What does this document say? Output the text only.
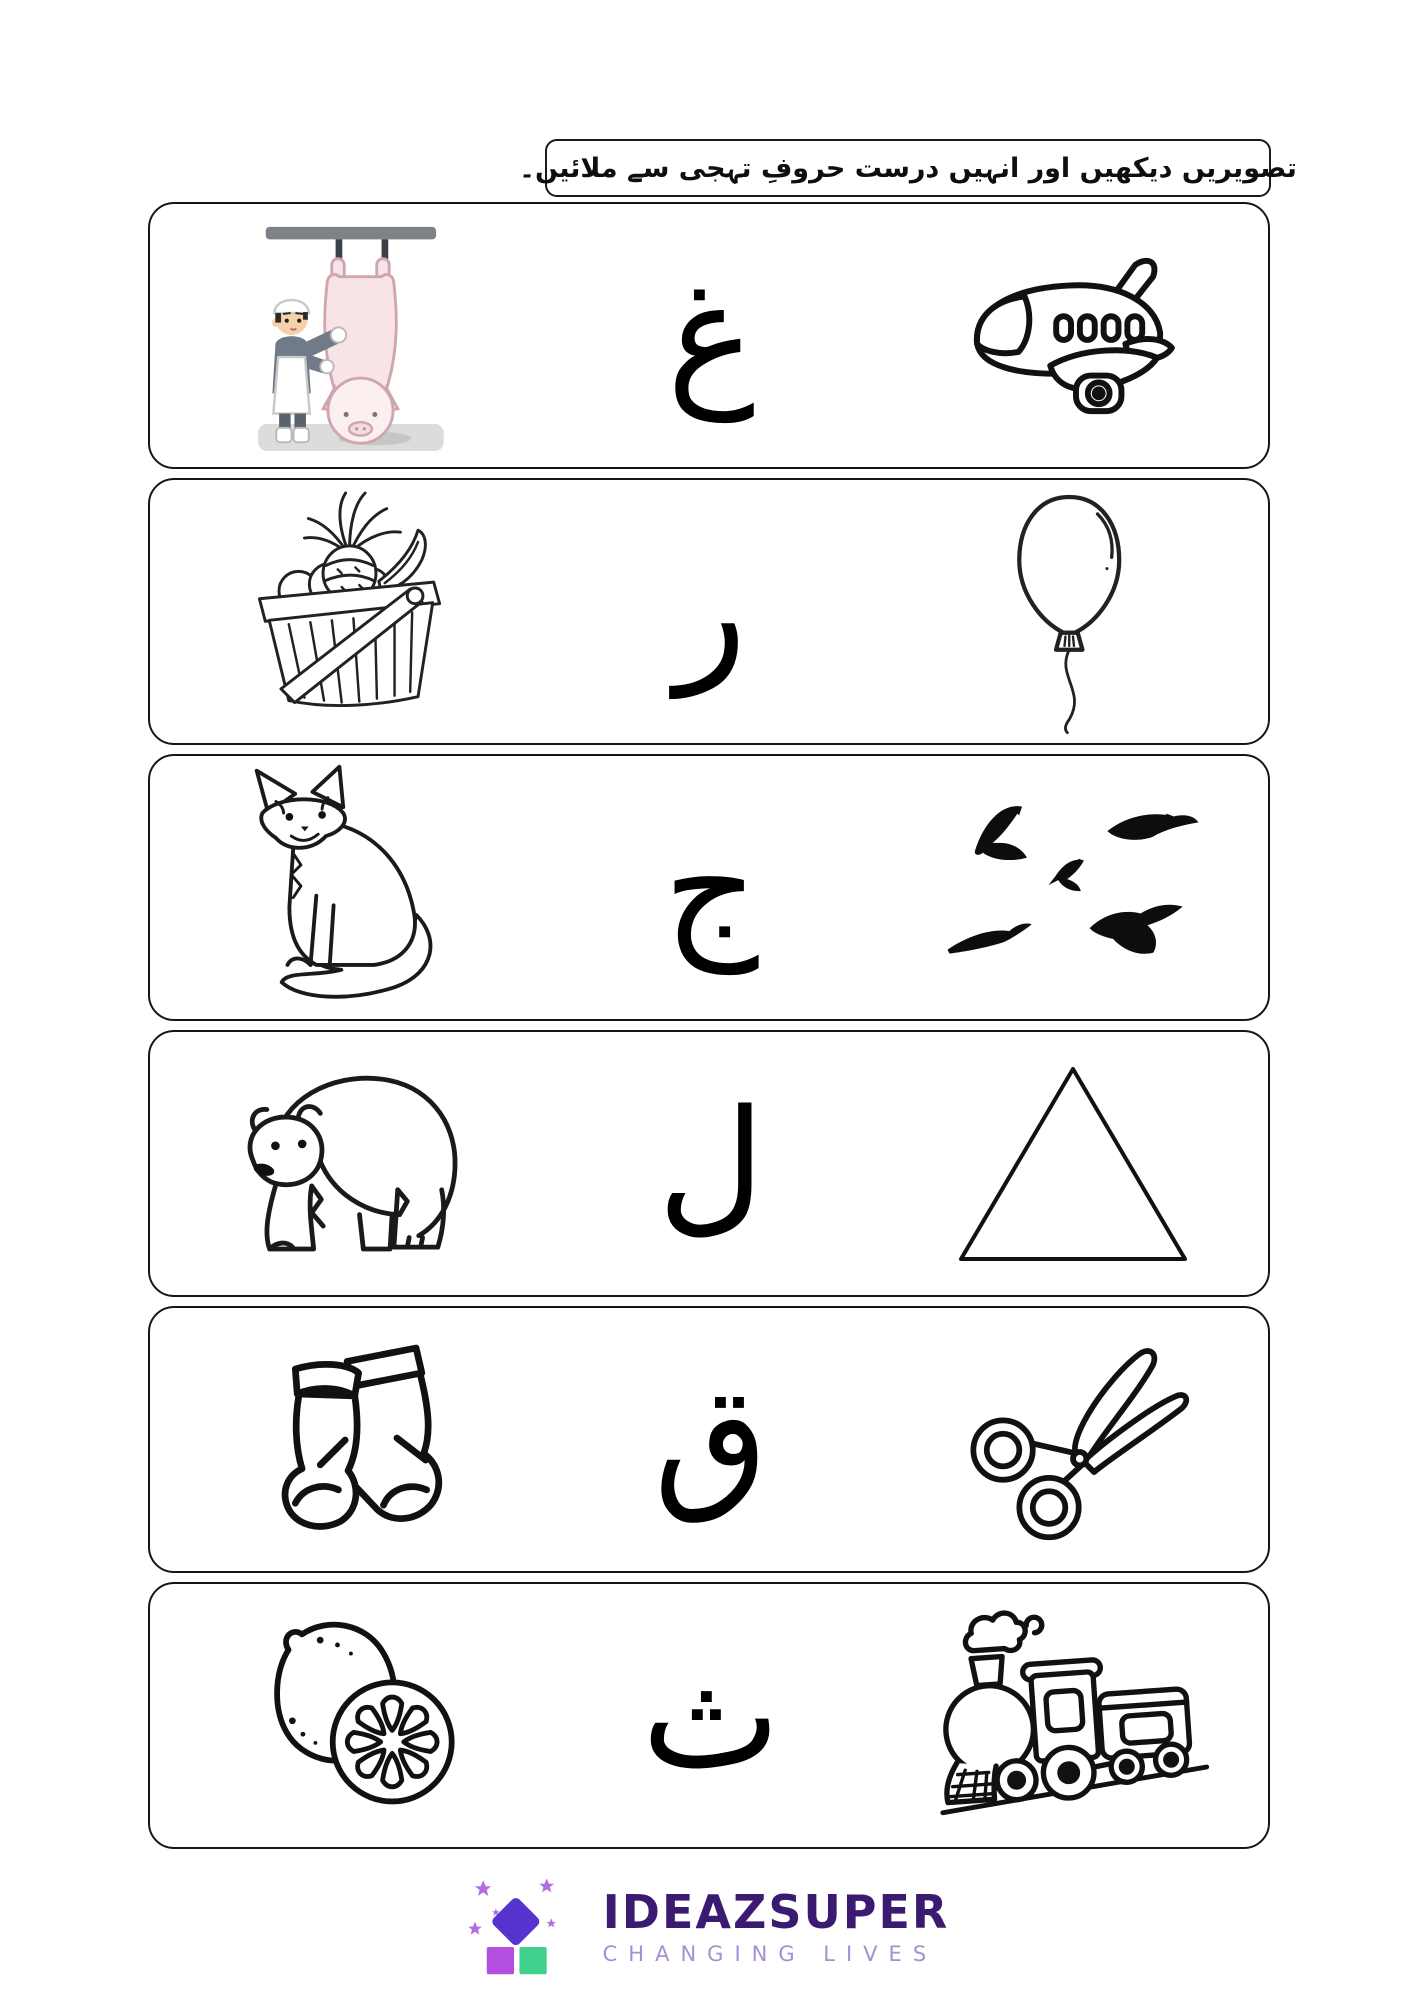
تصویریں دیکھیں اور انہیں درست حروفِ تہجی سے ملائیں۔
غ
ر
ج
ل
ق
ث
IDEAZSUPER
CHANGING LIVES
